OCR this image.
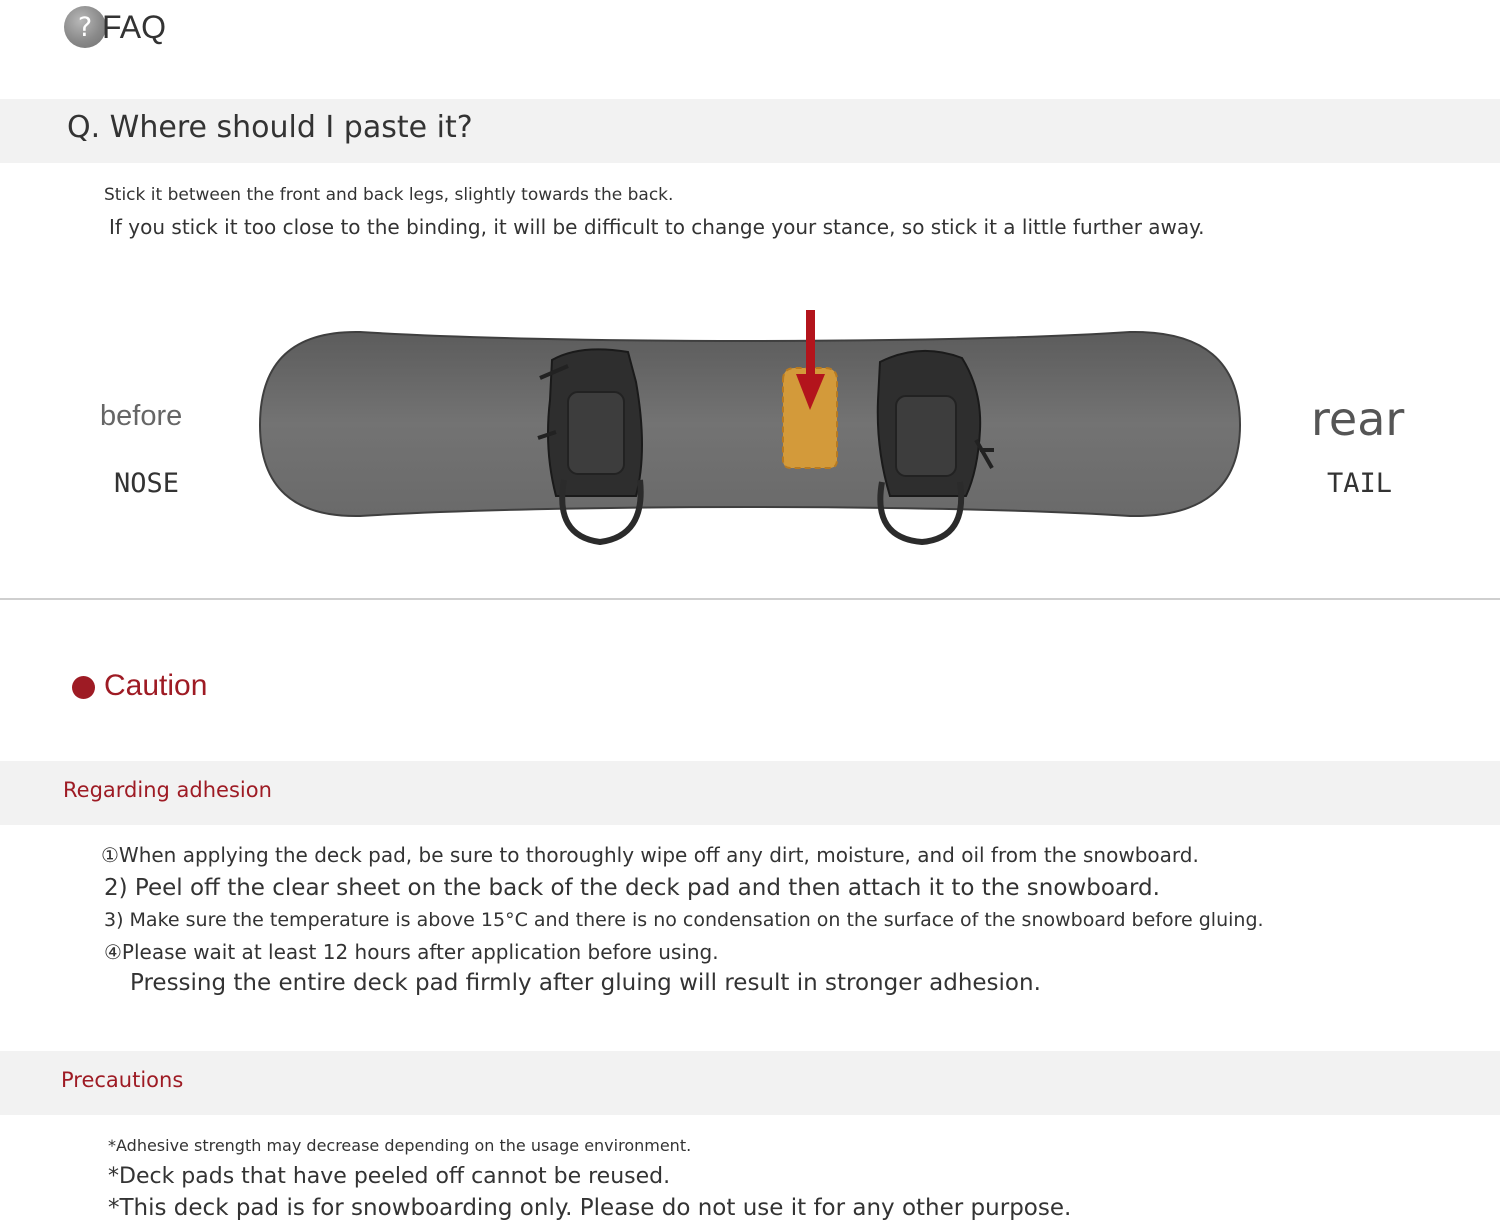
? FAQ
Q. Where should I paste it?
Stick it between the front and back legs, slightly towards the back.
If you stick it too close to the binding, it will be difficult to change your stance, so stick it a little further away.
before
NOSE
rear
TAIL
Caution
Regarding adhesion
①When applying the deck pad, be sure to thoroughly wipe off any dirt, moisture, and oil from the snowboard.
2) Peel off the clear sheet on the back of the deck pad and then attach it to the snowboard.
3) Make sure the temperature is above 15°C and there is no condensation on the surface of the snowboard before gluing.
④Please wait at least 12 hours after application before using.
Pressing the entire deck pad firmly after gluing will result in stronger adhesion.
Precautions
*Adhesive strength may decrease depending on the usage environment.
*Deck pads that have peeled off cannot be reused.
*This deck pad is for snowboarding only. Please do not use it for any other purpose.
